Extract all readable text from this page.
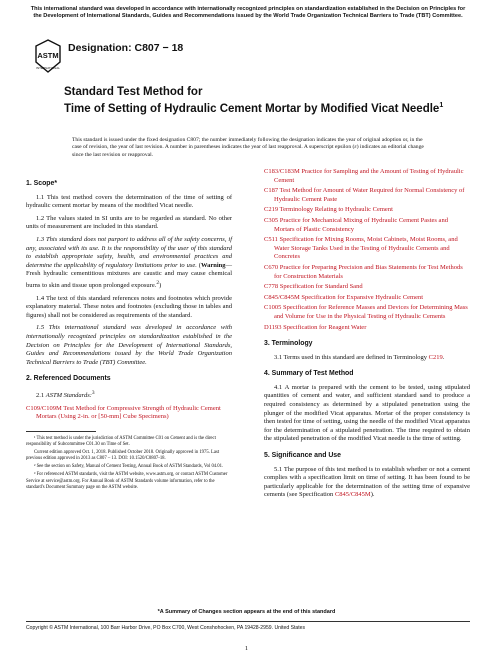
This international standard was developed in accordance with internationally recognized principles on standardization established in the Decision on Principles for the Development of International Standards, Guides and Recommendations issued by the World Trade Organization Technical Barriers to Trade (TBT) Committee.
ASTM
INTERNATIONAL
Designation: C807 − 18
Standard Test Method for
Time of Setting of Hydraulic Cement Mortar by Modified Vicat Needle$^1$
This standard is issued under the fixed designation C807; the number immediately following the designation indicates the year of original adoption or, in the case of revision, the year of last revision. A number in parentheses indicates the year of last reapproval. A superscript epsilon (ε) indicates an editorial change since the last revision or reapproval.
1. Scope*
1.1 This test method covers the determination of the time of setting of hydraulic cement mortar by means of the modified Vicat needle.
1.2 The values stated in SI units are to be regarded as standard. No other units of measurement are included in this standard.
1.3 This standard does not purport to address all of the safety concerns, if any, associated with its use. It is the responsibility of the user of this standard to establish appropriate safety, health, and environmental practices and determine the applicability of regulatory limitations prior to use. (Warning—Fresh hydraulic cementitious mixtures are caustic and may cause chemical burns to skin and tissue upon prolonged exposure.$^2$)
1.4 The text of this standard references notes and footnotes which provide explanatory material. These notes and footnotes (excluding those in tables and figures) shall not be considered as requirements of the standard.
1.5 This international standard was developed in accordance with internationally recognized principles on standardization established in the Decision on Principles for the Development of International Standards, Guides and Recommendations issued by the World Trade Organization Technical Barriers to Trade (TBT) Committee.
2. Referenced Documents
2.1 ASTM Standards:$^3$
C109/C109M Test Method for Compressive Strength of Hydraulic Cement Mortars (Using 2-in. or [50-mm] Cube Specimens)
¹ This test method is under the jurisdiction of ASTM Committee C01 on Cement and is the direct responsibility of Subcommittee C01.30 on Time of Set.
Current edition approved Oct. 1, 2018. Published October 2018. Originally approved in 1975. Last previous edition approved in 2013 as C807 – 13. DOI: 10.1520/C0807-18.
² See the section on Safety, Manual of Cement Testing, Annual Book of ASTM Standards, Vol 04.01.
³ For referenced ASTM standards, visit the ASTM website, www.astm.org, or contact ASTM Customer Service at service@astm.org. For Annual Book of ASTM Standards volume information, refer to the standard's Document Summary page on the ASTM website.
C183/C183M Practice for Sampling and the Amount of Testing of Hydraulic Cement
C187 Test Method for Amount of Water Required for Normal Consistency of Hydraulic Cement Paste
C219 Terminology Relating to Hydraulic Cement
C305 Practice for Mechanical Mixing of Hydraulic Cement Pastes and Mortars of Plastic Consistency
C511 Specification for Mixing Rooms, Moist Cabinets, Moist Rooms, and Water Storage Tanks Used in the Testing of Hydraulic Cements and Concretes
C670 Practice for Preparing Precision and Bias Statements for Test Methods for Construction Materials
C778 Specification for Standard Sand
C845/C845M Specification for Expansive Hydraulic Cement
C1005 Specification for Reference Masses and Devices for Determining Mass and Volume for Use in the Physical Testing of Hydraulic Cements
D1193 Specification for Reagent Water
3. Terminology
3.1 Terms used in this standard are defined in Terminology C219.
4. Summary of Test Method
4.1 A mortar is prepared with the cement to be tested, using stipulated quantities of cement and water, and sufficient standard sand to produce a required consistency as determined by a stipulated penetration using the plunger of the modified Vicat apparatus. Mortar of the proper consistency is then tested for time of setting, using the needle of the modified Vicat apparatus for the determination of a stipulated penetration. The time required to obtain the stipulated penetration of the modified Vicat needle is the time of setting.
5. Significance and Use
5.1 The purpose of this test method is to establish whether or not a cement complies with a specification limit on time of setting. It has been found to be particularly applicable for the determination of the setting time of expansive cements (see Specification C845/C845M).
*A Summary of Changes section appears at the end of this standard
Copyright © ASTM International, 100 Barr Harbor Drive, PO Box C700, West Conshohocken, PA 19428-2959. United States
1
